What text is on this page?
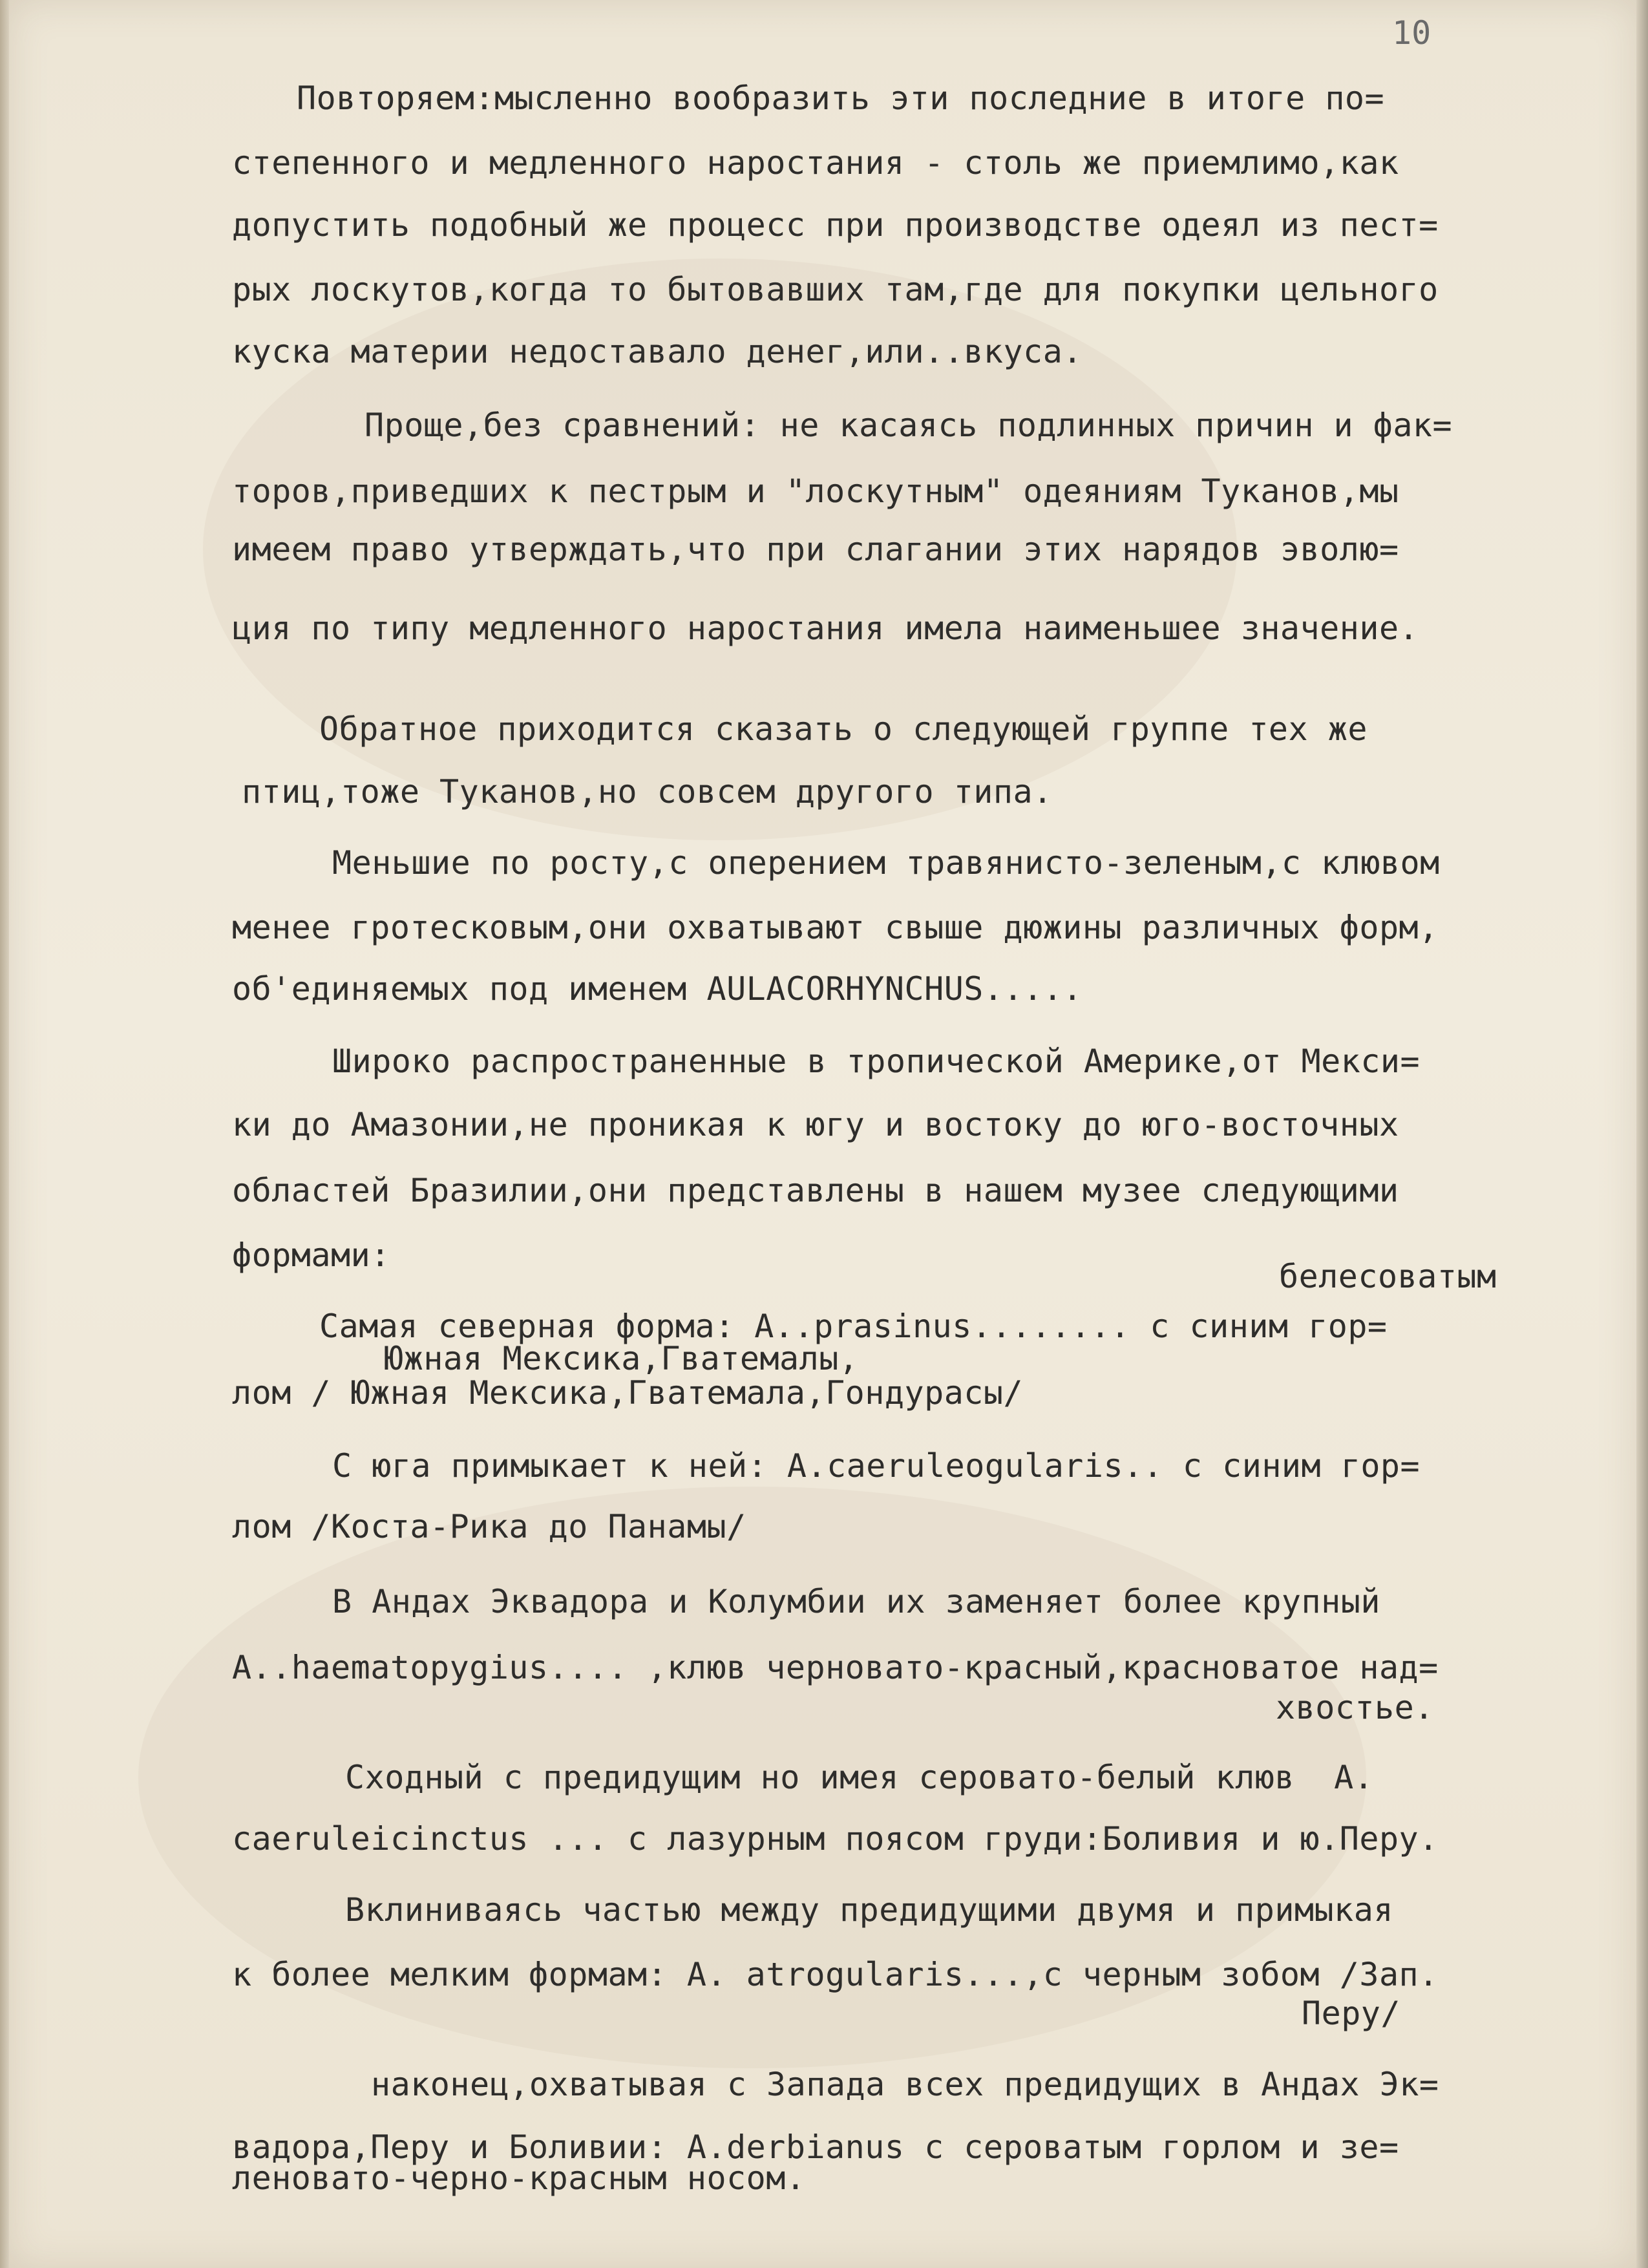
10
Повторяем:мысленно вообразить эти последние в итоге по=
степенного и медленного наростания - столь же приемлимо,как
допустить подобный же процесс при производстве одеял из пест=
рых лоскутов,когда то бытовавших там,где для покупки цельного
куска материи недоставало денег,или..вкуса.
Проще,без сравнений: не касаясь подлинных причин и фак=
торов,приведших к пестрым и "лоскутным" одеяниям Туканов,мы
имеем право утверждать,что при слагании этих нарядов эволю=
ция по типу медленного наростания имела наименьшее значение.
Обратное приходится сказать о следующей группе тех же
птиц,тоже Туканов,но совсем другого типа.
Меньшие по росту,с оперением травянисто-зеленым,с клювом
менее гротесковым,они охватывают свыше дюжины различных форм,
об'единяемых под именем AULACORHYNCHUS.....
Широко распространенные в тропической Америке,от Мекси=
ки до Амазонии,не проникая к югу и востоку до юго-восточных
областей Бразилии,они представлены в нашем музее следующими
формами:
белесоватым
Самая северная форма: A..prasinus........ с синим гор=
Южная Мексика,Гватемалы,
лом / Южная Мексика,Гватемала,Гондурасы/
С юга примыкает к ней: A.caeruleogularis.. с синим гор=
лом /Коста-Рика до Панамы/
В Андах Эквадора и Колумбии их заменяет более крупный
A..haematopygius.... ,клюв черновато-красный,красноватое над=
хвостье.
Сходный с предидущим но имея серовато-белый клюв  A.
caeruleicinctus ... с лазурным поясом груди:Боливия и ю.Перу.
Вклиниваясь частью между предидущими двумя и примыкая
к более мелким формам: A. atrogularis...,с черным зобом /Зап.
Перу/
наконец,охватывая с Запада всех предидущих в Андах Эк=
вадора,Перу и Боливии: A.derbianus с сероватым горлом и зе=
леновато-черно-красным носом.
